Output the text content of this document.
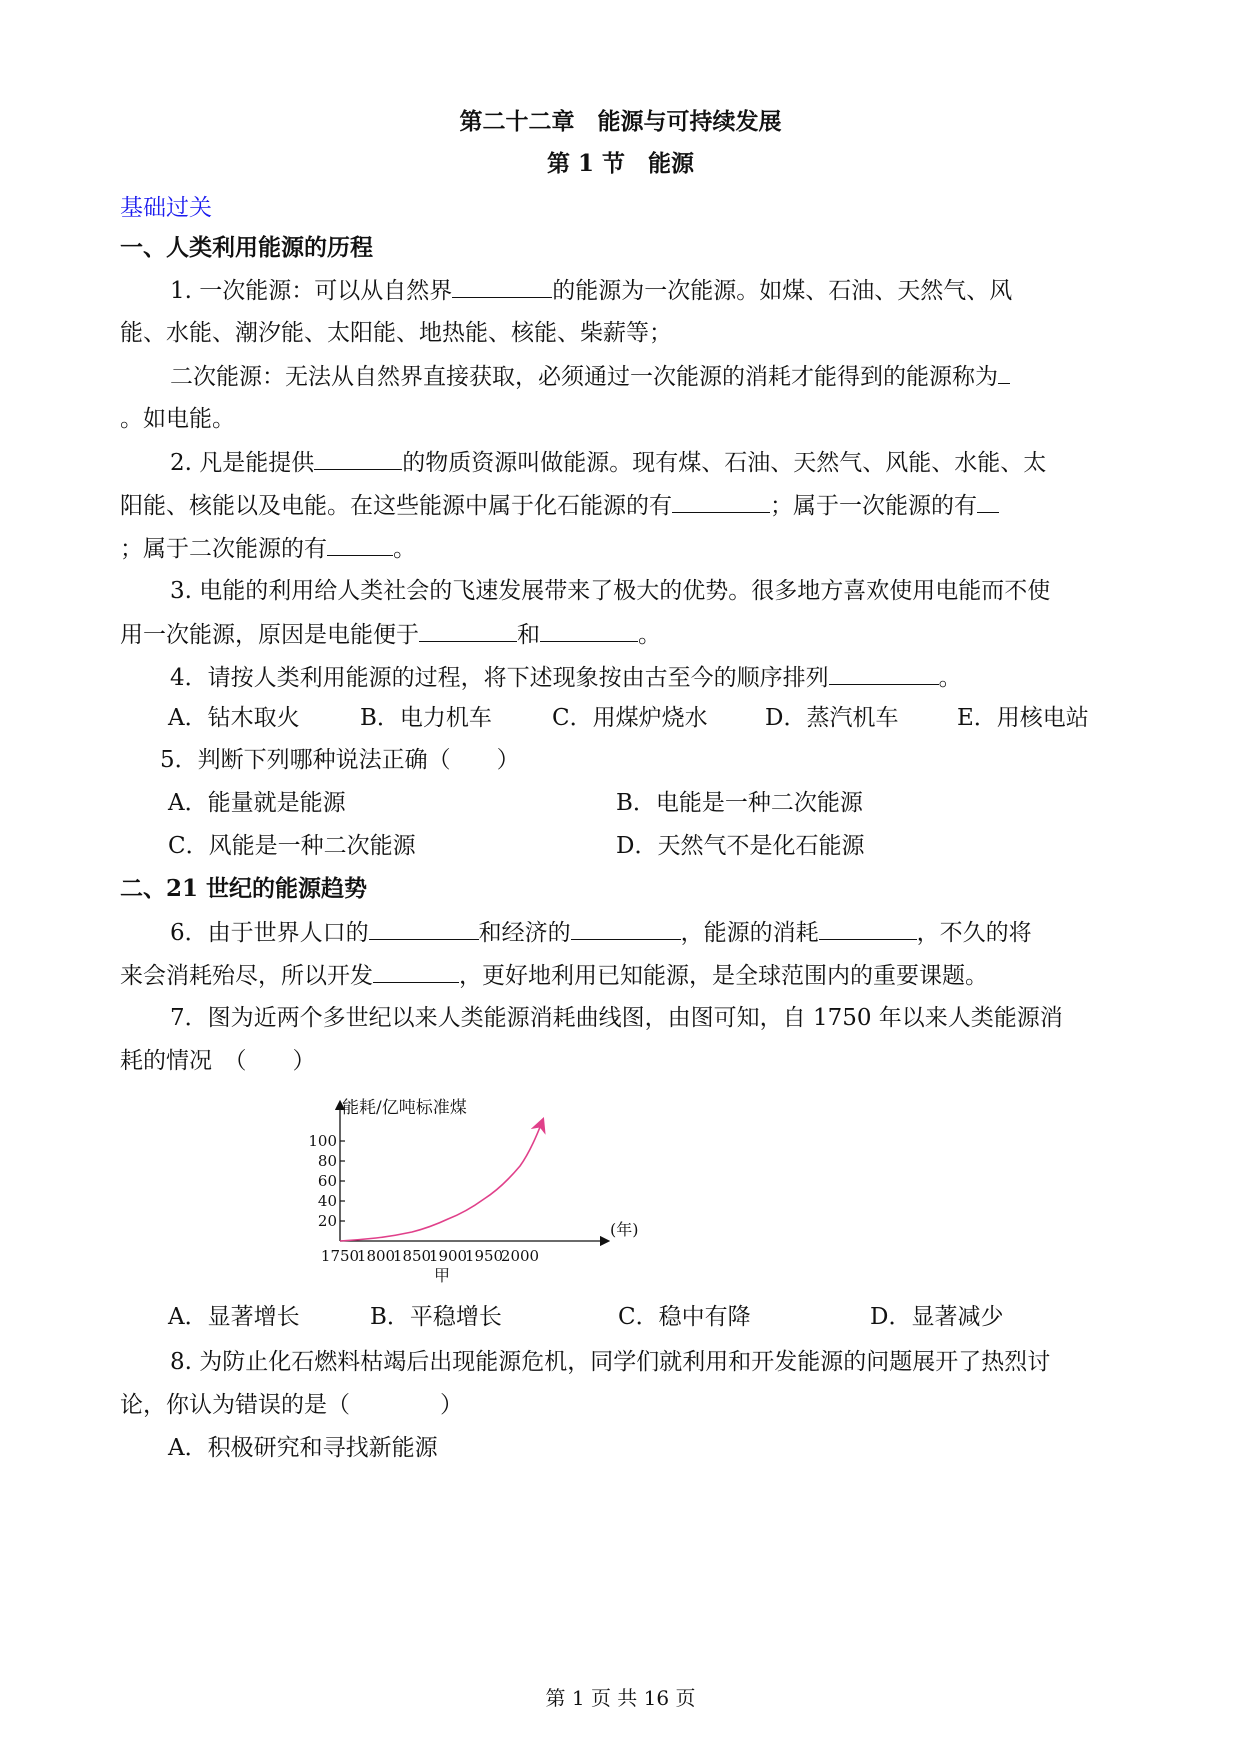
第二十二章　能源与可持续发展
第 1 节　能源
基础过关
一、人类利用能源的历程
1. 一次能源：可以从自然界	的能源为一次能源。如煤、石油、天然气、风
能、水能、潮汐能、太阳能、地热能、核能、柴薪等；
二次能源：无法从自然界直接获取，必须通过一次能源的消耗才能得到的能源称为
。如电能。
2. 凡是能提供	的物质资源叫做能源。现有煤、石油、天然气、风能、水能、太
阳能、核能以及电能。在这些能源中属于化石能源的有	；属于一次能源的有
；属于二次能源的有	。
3. 电能的利用给人类社会的飞速发展带来了极大的优势。很多地方喜欢使用电能而不使
用一次能源，原因是电能便于	和	。
4．请按人类利用能源的过程，将下述现象按由古至今的顺序排列	。
A．钻木取火	B．电力机车	C．用煤炉烧水 D．蒸汽机车	E．用核电站
5．判断下列哪种说法正确（ ）
A．能量就是能源	B．电能是一种二次能源
C．风能是一种二次能源	D．天然气不是化石能源
二、21 世纪的能源趋势
6．由于世界人口的	和经济的	，能源的消耗	，不久的将
来会消耗殆尽，所以开发	，更好地利用已知能源，是全球范围内的重要课题。
7．图为近两个多世纪以来人类能源消耗曲线图，由图可知，自 1750 年以来人类能源消
耗的情况　（ ）
20
40
60
80
100
1750
1800
1850
1900
1950
2000
能耗/亿吨标准煤
(年)
甲
A．显著增长	B．平稳增长	C．稳中有降	D．显著减少
8. 为防止化石燃料枯竭后出现能源危机，同学们就利用和开发能源的问题展开了热烈讨
论，你认为错误的是（	）
A．积极研究和寻找新能源
第 1 页 共 16 页
